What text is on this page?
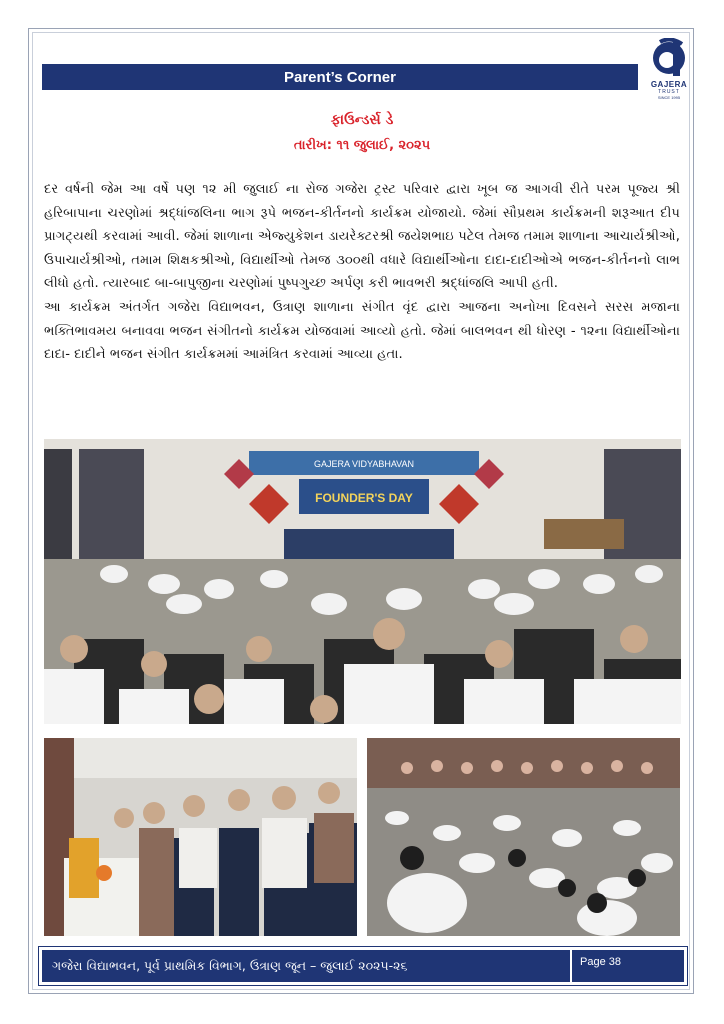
Parent’s Corner	GAJERA
TRUST
SINCE 1995
ફાઉન્ડર્સ ડે
તારીખ: ૧૧ જુલાઈ, ૨૦૨૫

દર વર્ષની જેમ આ વર્ષે પણ ૧૨ મી જુલાઈ ના રોજ ગજેરા ટ્રસ્ટ પરિવાર દ્વારા ખૂબ જ આગવી રીતે પરમ પૂજ્ય શ્રી હરિબાપાના ચરણોમાં શ્રદ્ધાંજલિના ભાગ રૂપે ભજન-કીર્તનનો કાર્યક્રમ યોજાયો. જેમાં સૌપ્રથમ કાર્યક્રમની શરૂઆત દીપ પ્રાગટ્યથી કરવામાં આવી. જેમાં શાળાના એજ્યુકેશન ડાયરેક્ટરશ્રી જયેશભાઇ પટેલ તેમજ તમામ શાળાના આચાર્યશ્રીઓ, ઉપાચાર્યશ્રીઓ, તમામ શિક્ષકશ્રીઓ, વિદ્યાર્થીઓ તેમજ ૩૦૦થી વધારે વિદ્યાર્થીઓના દાદા-દાદીઓએ ભજન-કીર્તનનો લાભ લીધો હતો. ત્યારબાદ બા-બાપુજીના ચરણોમાં પુષ્પગુચ્છ અર્પણ કરી ભાવભરી શ્રદ્ધાંજલિ આપી હતી.

આ કાર્યક્રમ અંતર્ગત ગજેરા વિદ્યાભવન, ઉત્રાણ શાળાના સંગીત વૃંદ દ્વારા આજના અનોખા દિવસને સરસ મજાના ભક્તિભાવમય બનાવવા ભજન સંગીતનો કાર્યક્રમ યોજવામાં આવ્યો હતો. જેમાં બાલભવન થી ધોરણ - ૧૨ના વિદ્યાર્થીઓના દાદા- દાદીને ભજન સંગીત કાર્યક્રમમાં આમંત્રિત કરવામાં આવ્યા હતા.

GAJERA VIDYABHAVAN
FOUNDER'S DAY
ગજેરા વિદ્યાભવન, પૂર્વ પ્રાથમિક વિભાગ, ઉત્રાણ જૂન – જુલાઈ ૨૦૨૫-૨૬	Page 38
